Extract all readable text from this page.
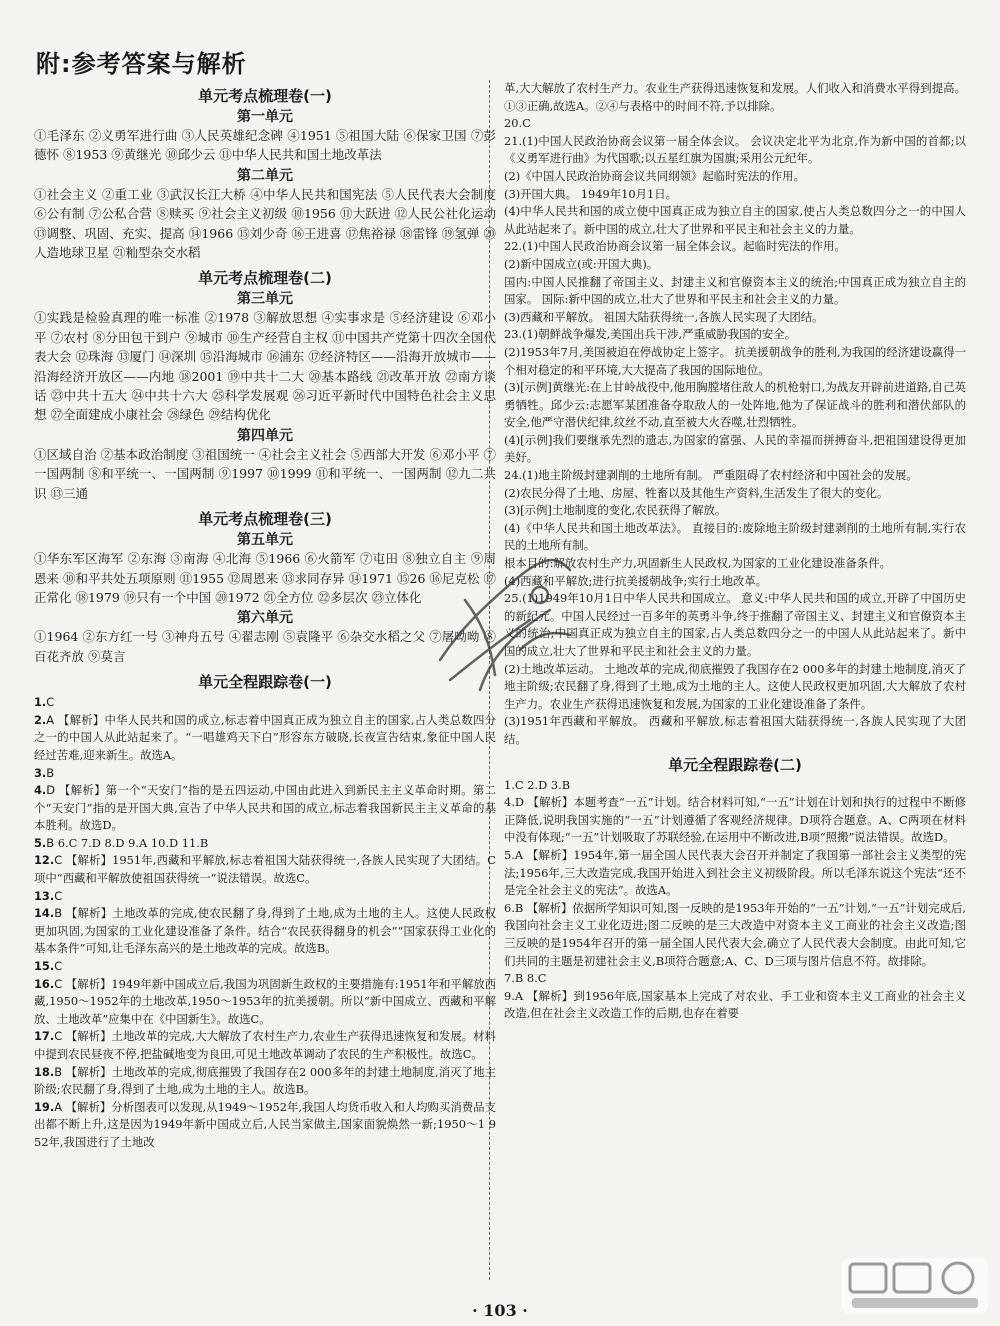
附:参考答案与解析
单元考点梳理卷(一)
第一单元

①毛泽东 ②义勇军进行曲 ③人民英雄纪念碑 ④1951 ⑤祖国大陆 ⑥保家卫国 ⑦彭德怀 ⑧1953 ⑨黄继光 ⑩邱少云 ⑪中华人民共和国土地改革法

第二单元

①社会主义 ②重工业 ③武汉长江大桥 ④中华人民共和国宪法 ⑤人民代表大会制度 ⑥公有制 ⑦公私合营 ⑧赎买 ⑨社会主义初级 ⑩1956 ⑪大跃进 ⑫人民公社化运动 ⑬调整、巩固、充实、提高 ⑭1966 ⑮刘少奇 ⑯王进喜 ⑰焦裕禄 ⑱雷锋 ⑲氢弹 ⑳人造地球卫星 ㉑籼型杂交水稻

单元考点梳理卷(二)
第三单元

①实践是检验真理的唯一标准 ②1978 ③解放思想 ④实事求是 ⑤经济建设 ⑥邓小平 ⑦农村 ⑧分田包干到户 ⑨城市 ⑩生产经营自主权 ⑪中国共产党第十四次全国代表大会 ⑫珠海 ⑬厦门 ⑭深圳 ⑮沿海城市 ⑯浦东 ⑰经济特区——沿海开放城市——沿海经济开放区——内地 ⑱2001 ⑲中共十二大 ⑳基本路线 ㉑改革开放 ㉒南方谈话 ㉓中共十五大 ㉔中共十六大 ㉕科学发展观 ㉖习近平新时代中国特色社会主义思想 ㉗全面建成小康社会 ㉘绿色 ㉙结构优化

第四单元

①区域自治 ②基本政治制度 ③祖国统一 ④社会主义社会 ⑤西部大开发 ⑥邓小平 ⑦一国两制 ⑧和平统一、一国两制 ⑨1997 ⑩1999 ⑪和平统一、一国两制 ⑫九二共识 ⑬三通

单元考点梳理卷(三)
第五单元

①华东军区海军 ②东海 ③南海 ④北海 ⑤1966 ⑥火箭军 ⑦屯田 ⑧独立自主 ⑨周恩来 ⑩和平共处五项原则 ⑪1955 ⑫周恩来 ⑬求同存异 ⑭1971 ⑮26 ⑯尼克松 ⑰正常化 ⑱1979 ⑲只有一个中国 ⑳1972 ㉑全方位 ㉒多层次 ㉓立体化

第六单元

①1964 ②东方红一号 ③神舟五号 ④翟志刚 ⑤袁隆平 ⑥杂交水稻之父 ⑦屠呦呦 ⑧百花齐放 ⑨莫言

单元全程跟踪卷(一)

1.C

2.A 【解析】中华人民共和国的成立,标志着中国真正成为独立自主的国家,占人类总数四分之一的中国人从此站起来了。“一唱雄鸡天下白”形容东方破晓,长夜宣告结束,象征中国人民经过苦难,迎来新生。故选A。

3.B

4.D 【解析】第一个“天安门”指的是五四运动,中国由此进入到新民主主义革命时期。第二个“天安门”指的是开国大典,宣告了中华人民共和国的成立,标志着我国新民主主义革命的基本胜利。故选D。

5.B 6.C 7.D 8.D 9.A 10.D 11.B

12.C 【解析】1951年,西藏和平解放,标志着祖国大陆获得统一,各族人民实现了大团结。C项中“西藏和平解放使祖国获得统一”说法错误。故选C。

13.C

14.B 【解析】土地改革的完成,使农民翻了身,得到了土地,成为土地的主人。这使人民政权更加巩固,为国家的工业化建设准备了条件。结合“农民获得翻身的机会”“国家获得工业化的基本条件”可知,让毛泽东高兴的是土地改革的完成。故选B。

15.C

16.C 【解析】1949年新中国成立后,我国为巩固新生政权的主要措施有:1951年和平解放西藏,1950～1952年的土地改革,1950～1953年的抗美援朝。所以“新中国成立、西藏和平解放、土地改革”应集中在《中国新生》。故选C。

17.C 【解析】土地改革的完成,大大解放了农村生产力,农业生产获得迅速恢复和发展。材料中提到农民昼夜不停,把盐碱地变为良田,可见土地改革调动了农民的生产积极性。故选C。

18.B 【解析】土地改革的完成,彻底摧毁了我国存在2 000多年的封建土地制度,消灭了地主阶级;农民翻了身,得到了土地,成为土地的主人。故选B。

19.A 【解析】分析图表可以发现,从1949～1952年,我国人均货币收入和人均购买消费品支出都不断上升,这是因为1949年新中国成立后,人民当家做主,国家面貌焕然一新;1950～1 952年,我国进行了土地改

革,大大解放了农村生产力。农业生产获得迅速恢复和发展。人们收入和消费水平得到提高。①③正确,故选A。②④与表格中的时间不符,予以排除。

20.C

21.(1)中国人民政治协商会议第一届全体会议。 会议决定北平为北京,作为新中国的首都;以《义勇军进行曲》为代国歌;以五星红旗为国旗;采用公元纪年。

(2)《中国人民政治协商会议共同纲领》起临时宪法的作用。

(3)开国大典。 1949年10月1日。

(4)中华人民共和国的成立使中国真正成为独立自主的国家,使占人类总数四分之一的中国人从此站起来了。新中国的成立,壮大了世界和平民主和社会主义的力量。

22.(1)中国人民政治协商会议第一届全体会议。起临时宪法的作用。

(2)新中国成立(或:开国大典)。

国内:中国人民推翻了帝国主义、封建主义和官僚资本主义的统治;中国真正成为独立自主的国家。 国际:新中国的成立,壮大了世界和平民主和社会主义的力量。

(3)西藏和平解放。 祖国大陆获得统一,各族人民实现了大团结。

23.(1)朝鲜战争爆发,美国出兵干涉,严重威胁我国的安全。

(2)1953年7月,美国被迫在停战协定上签字。 抗美援朝战争的胜利,为我国的经济建设赢得一个相对稳定的和平环境,大大提高了我国的国际地位。

(3)[示例]黄继光:在上甘岭战役中,他用胸膛堵住敌人的机枪射口,为战友开辟前进道路,自己英勇牺牲。邱少云:志愿军某团准备夺取敌人的一处阵地,他为了保证战斗的胜利和潜伏部队的安全,他严守潜伏纪律,纹丝不动,直至被大火吞噬,壮烈牺牲。

(4)[示例]我们要继承先烈的遗志,为国家的富强、人民的幸福而拼搏奋斗,把祖国建设得更加美好。

24.(1)地主阶级封建剥削的土地所有制。 严重阻碍了农村经济和中国社会的发展。

(2)农民分得了土地、房屋、牲畜以及其他生产资料,生活发生了很大的变化。

(3)[示例]土地制度的变化,农民获得了解放。

(4)《中华人民共和国土地改革法》。 直接目的:废除地主阶级封建剥削的土地所有制,实行农民的土地所有制。

根本目的:解放农村生产力,巩固新生人民政权,为国家的工业化建设准备条件。

(4)西藏和平解放;进行抗美援朝战争;实行土地改革。

25.(1)1949年10月1日中华人民共和国成立。 意义:中华人民共和国的成立,开辟了中国历史的新纪元。中国人民经过一百多年的英勇斗争,终于推翻了帝国主义、封建主义和官僚资本主义的统治;中国真正成为独立自主的国家,占人类总数四分之一的中国人从此站起来了。新中国的成立,壮大了世界和平民主和社会主义的力量。

(2)土地改革运动。 土地改革的完成,彻底摧毁了我国存在2 000多年的封建土地制度,消灭了地主阶级;农民翻了身,得到了土地,成为土地的主人。这使人民政权更加巩固,大大解放了农村生产力。农业生产获得迅速恢复和发展,为国家的工业化建设准备了条件。

(3)1951年西藏和平解放。 西藏和平解放,标志着祖国大陆获得统一,各族人民实现了大团结。

单元全程跟踪卷(二)

1.C 2.D 3.B

4.D 【解析】本题考查“一五”计划。结合材料可知,“一五”计划在计划和执行的过程中不断修正降低,说明我国实施的“一五”计划遵循了客观经济规律。D项符合题意。A、C两项在材料中没有体现;“一五”计划吸取了苏联经验,在运用中不断改进,B项“照搬”说法错误。故选D。

5.A 【解析】1954年,第一届全国人民代表大会召开并制定了我国第一部社会主义类型的宪法;1956年,三大改造完成,我国开始进入到社会主义初级阶段。所以毛泽东说这个宪法“还不是完全社会主义的宪法”。故选A。

6.B 【解析】依据所学知识可知,图一反映的是1953年开始的“一五”计划,“一五”计划完成后,我国向社会主义工业化迈进;图二反映的是三大改造中对资本主义工商业的社会主义改造;图三反映的是1954年召开的第一届全国人民代表大会,确立了人民代表大会制度。由此可知,它们共同的主题是初建社会主义,B项符合题意;A、C、D三项与图片信息不符。故排除。

7.B 8.C

9.A 【解析】到1956年底,国家基本上完成了对农业、手工业和资本主义工商业的社会主义改造,但在社会主义改造工作的后期,也存在着要

· 103 ·
